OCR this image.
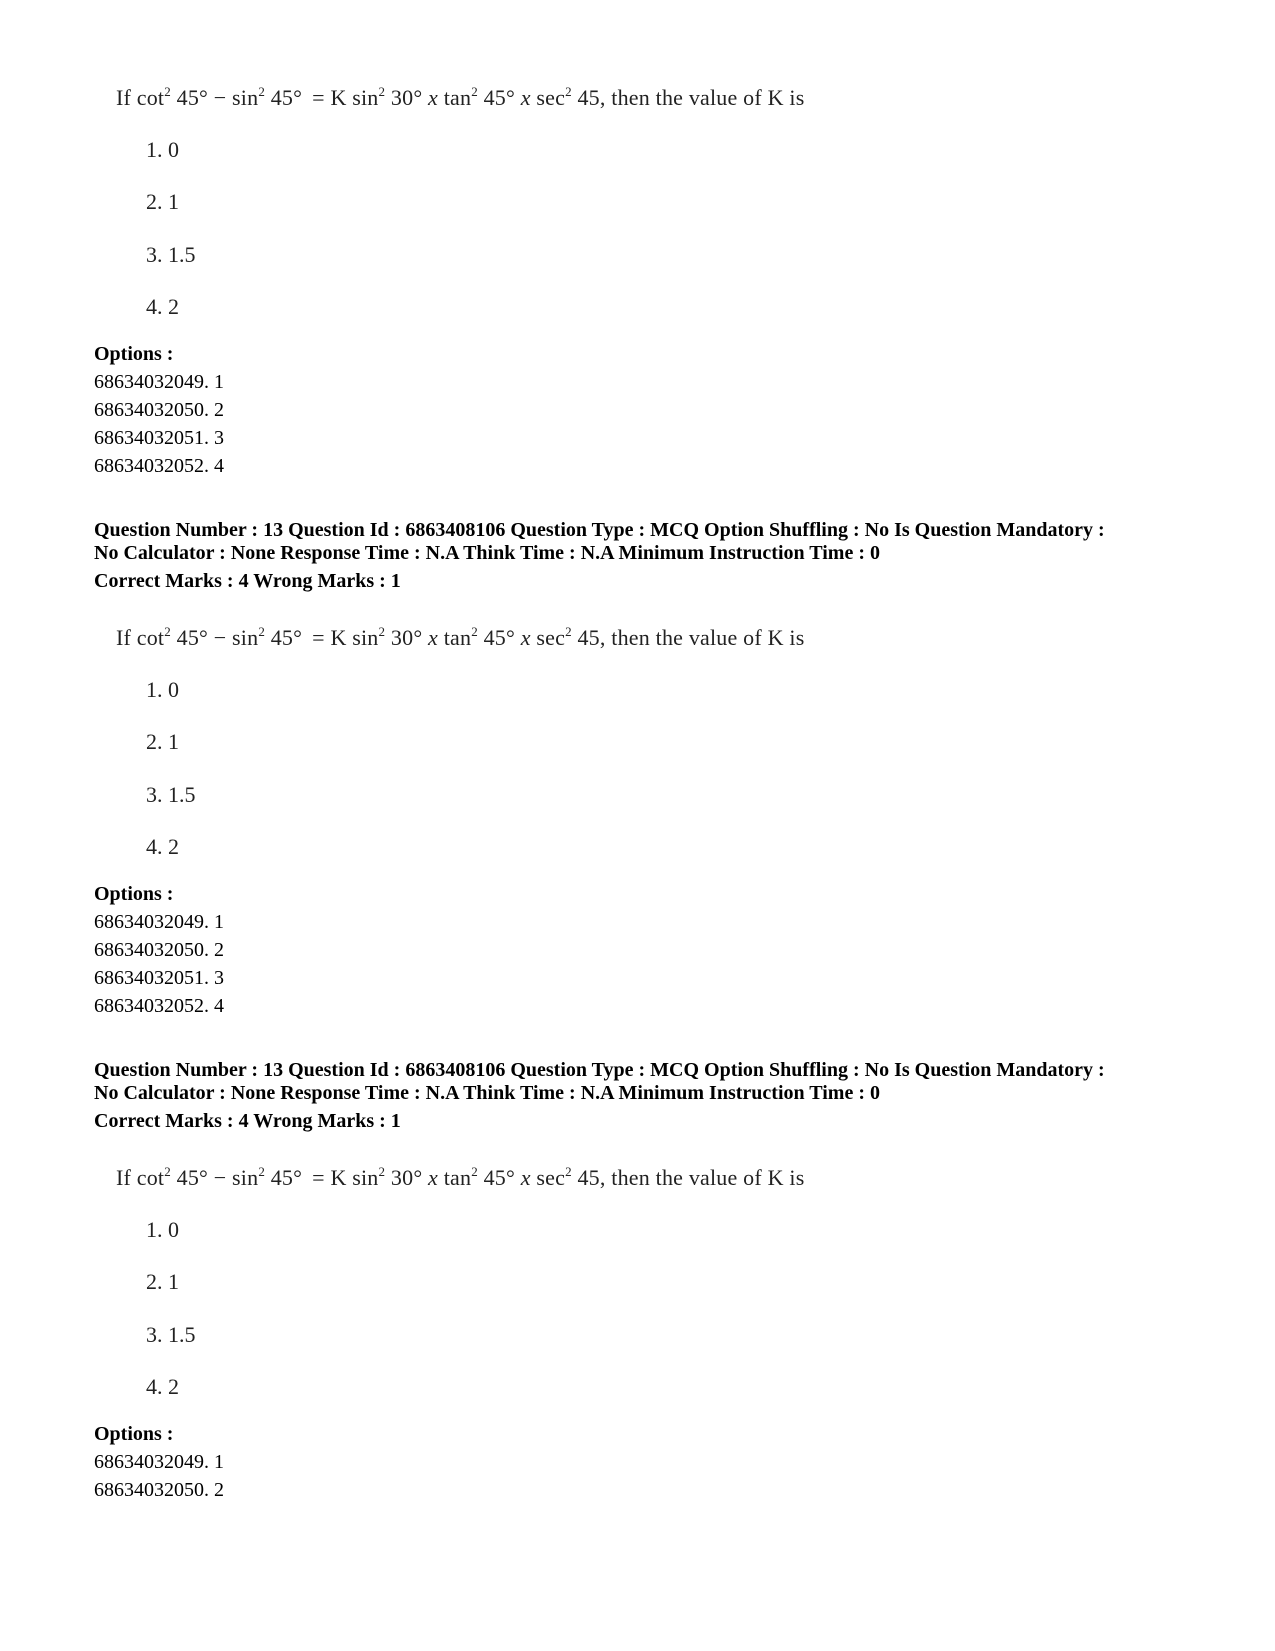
If $\cot^2 45^\circ - \sin^2 45^\circ = K$ $\sin^2 30^\circ$ x $\tan^2 45^\circ$ x $\sec^2 45$, then the value of K is
1. 0
2. 1
3. 1.5
4. 2
Options :
68634032049. 1
68634032050. 2
68634032051. 3
68634032052. 4
Question Number : 13 Question Id : 6863408106 Question Type : MCQ Option Shuffling : No Is Question Mandatory :
No Calculator : None Response Time : N.A Think Time : N.A Minimum Instruction Time : 0
Correct Marks : 4 Wrong Marks : 1
If $\cot^2 45^\circ - \sin^2 45^\circ = K$ $\sin^2 30^\circ$ x $\tan^2 45^\circ$ x $\sec^2 45$, then the value of K is
1. 0
2. 1
3. 1.5
4. 2
Options :
68634032049. 1
68634032050. 2
68634032051. 3
68634032052. 4
Question Number : 13 Question Id : 6863408106 Question Type : MCQ Option Shuffling : No Is Question Mandatory :
No Calculator : None Response Time : N.A Think Time : N.A Minimum Instruction Time : 0
Correct Marks : 4 Wrong Marks : 1
If $\cot^2 45^\circ - \sin^2 45^\circ = K$ $\sin^2 30^\circ$ x $\tan^2 45^\circ$ x $\sec^2 45$, then the value of K is
1. 0
2. 1
3. 1.5
4. 2
Options :
68634032049. 1
68634032050. 2
